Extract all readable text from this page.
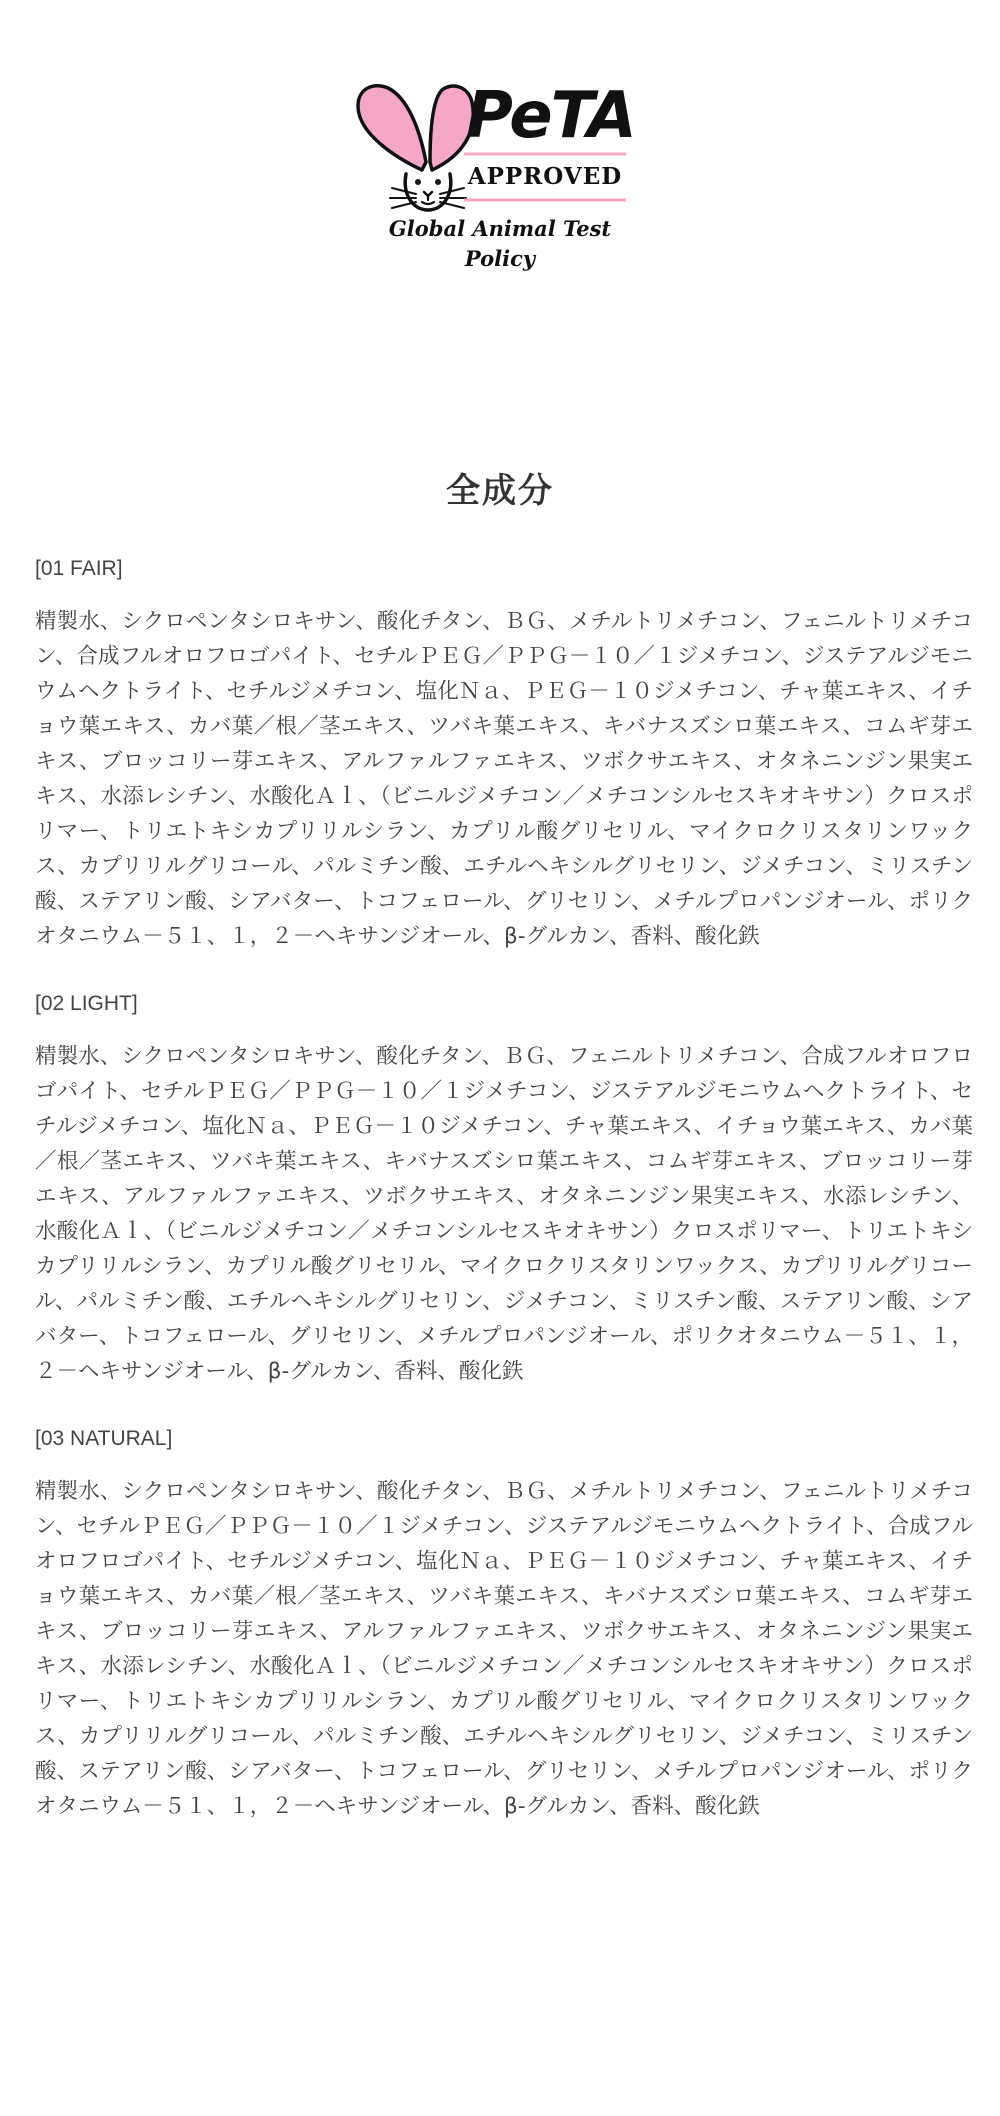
PeTA
APPROVED
Global Animal Test Policy
全成分

[01 FAIR]

精製水、シクロペンタシロキサン、酸化チタン、ＢＧ、メチルトリメチコン、フェニルトリメチコン、合成フルオロフロゴパイト、セチルＰＥＧ／ＰＰＧ－１０／１ジメチコン、ジステアルジモニウムヘクトライト、セチルジメチコン、塩化Ｎａ、ＰＥＧ－１０ジメチコン、チャ葉エキス、イチョウ葉エキス、カバ葉／根／茎エキス、ツバキ葉エキス、キバナスズシロ葉エキス、コムギ芽エキス、ブロッコリー芽エキス、アルファルファエキス、ツボクサエキス、オタネニンジン果実エキス、水添レシチン、水酸化Ａｌ、（ビニルジメチコン／メチコンシルセスキオキサン）クロスポリマー、トリエトキシカプリリルシラン、カプリル酸グリセリル、マイクロクリスタリンワックス、カプリリルグリコール、パルミチン酸、エチルヘキシルグリセリン、ジメチコン、ミリスチン酸、ステアリン酸、シアバター、トコフェロール、グリセリン、メチルプロパンジオール、ポリクオタニウム－５１、１，２－ヘキサンジオール、β-グルカン、香料、酸化鉄

[02 LIGHT]

精製水、シクロペンタシロキサン、酸化チタン、ＢＧ、フェニルトリメチコン、合成フルオロフロゴパイト、セチルＰＥＧ／ＰＰＧ－１０／１ジメチコン、ジステアルジモニウムヘクトライト、セチルジメチコン、塩化Ｎａ、ＰＥＧ－１０ジメチコン、チャ葉エキス、イチョウ葉エキス、カバ葉／根／茎エキス、ツバキ葉エキス、キバナスズシロ葉エキス、コムギ芽エキス、ブロッコリー芽エキス、アルファルファエキス、ツボクサエキス、オタネニンジン果実エキス、水添レシチン、水酸化Ａｌ、（ビニルジメチコン／メチコンシルセスキオキサン）クロスポリマー、トリエトキシカプリリルシラン、カプリル酸グリセリル、マイクロクリスタリンワックス、カプリリルグリコール、パルミチン酸、エチルヘキシルグリセリン、ジメチコン、ミリスチン酸、ステアリン酸、シアバター、トコフェロール、グリセリン、メチルプロパンジオール、ポリクオタニウム－５１、１，２－ヘキサンジオール、β-グルカン、香料、酸化鉄

[03 NATURAL]

精製水、シクロペンタシロキサン、酸化チタン、ＢＧ、メチルトリメチコン、フェニルトリメチコン、セチルＰＥＧ／ＰＰＧ－１０／１ジメチコン、ジステアルジモニウムヘクトライト、合成フルオロフロゴパイト、セチルジメチコン、塩化Ｎａ、ＰＥＧ－１０ジメチコン、チャ葉エキス、イチョウ葉エキス、カバ葉／根／茎エキス、ツバキ葉エキス、キバナスズシロ葉エキス、コムギ芽エキス、ブロッコリー芽エキス、アルファルファエキス、ツボクサエキス、オタネニンジン果実エキス、水添レシチン、水酸化Ａｌ、（ビニルジメチコン／メチコンシルセスキオキサン）クロスポリマー、トリエトキシカプリリルシラン、カプリル酸グリセリル、マイクロクリスタリンワックス、カプリリルグリコール、パルミチン酸、エチルヘキシルグリセリン、ジメチコン、ミリスチン酸、ステアリン酸、シアバター、トコフェロール、グリセリン、メチルプロパンジオール、ポリクオタニウム－５１、１，２－ヘキサンジオール、β-グルカン、香料、酸化鉄
